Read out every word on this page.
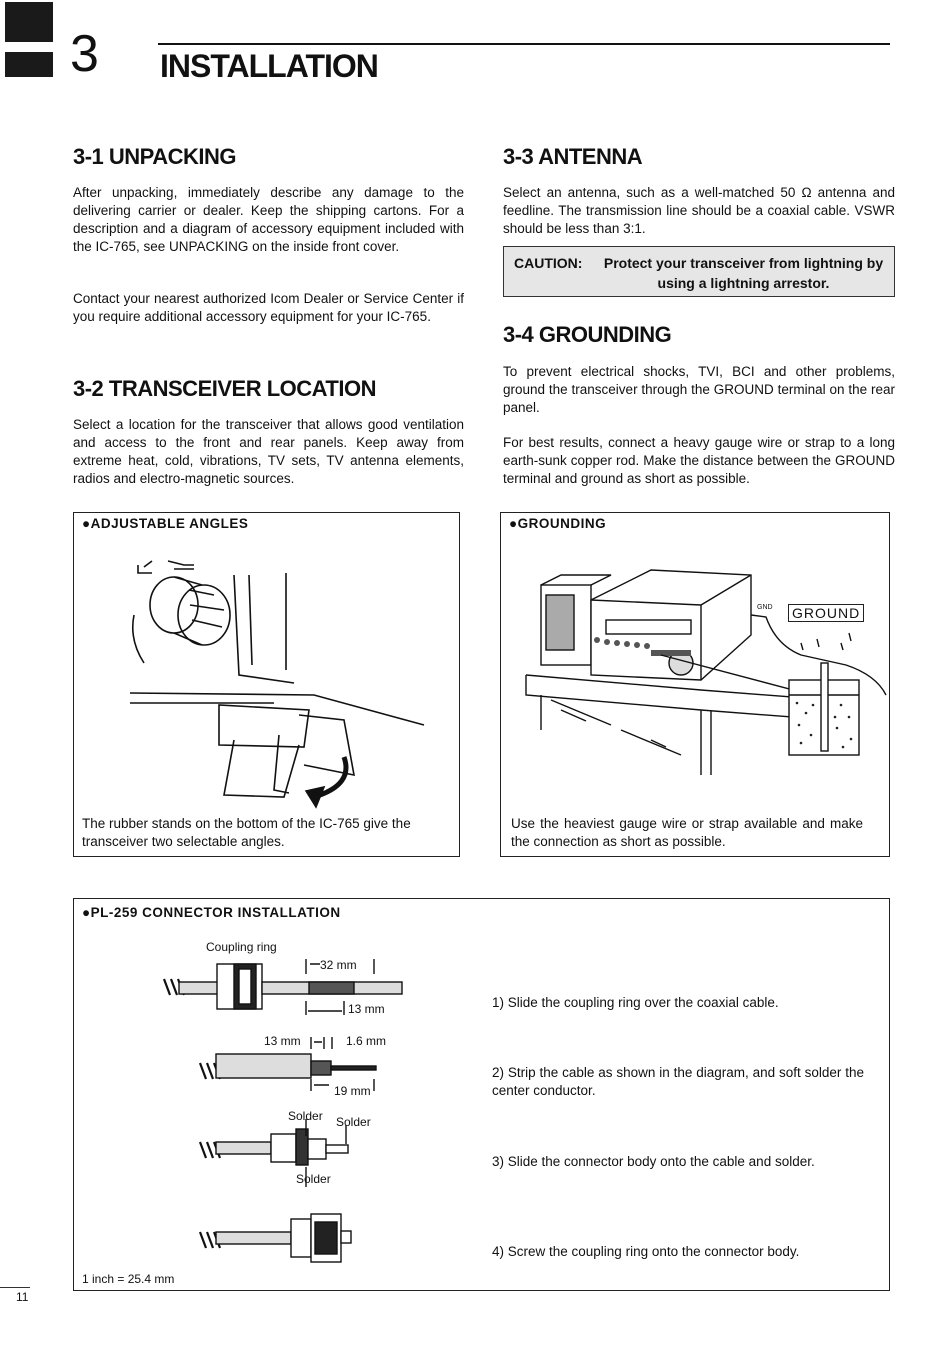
3 INSTALLATION
3-1 UNPACKING
After unpacking, immediately describe any damage to the delivering carrier or dealer. Keep the shipping cartons. For a description and a diagram of accessory equipment included with the IC-765, see UNPACKING on the inside front cover.
Contact your nearest authorized Icom Dealer or Service Center if you require additional accessory equipment for your IC-765.
3-2 TRANSCEIVER LOCATION
Select a location for the transceiver that allows good ventilation and access to the front and rear panels. Keep away from extreme heat, cold, vibrations, TV sets, TV antenna elements, radios and electro-magnetic sources.
3-3 ANTENNA
Select an antenna, such as a well-matched 50 Ω antenna and feedline. The transmission line should be a coaxial cable. VSWR should be less than 3:1.
CAUTION: Protect your transceiver from lightning by using a lightning arrestor.
3-4 GROUNDING
To prevent electrical shocks, TVI, BCI and other problems, ground the transceiver through the GROUND terminal on the rear panel.
For best results, connect a heavy gauge wire or strap to a long earth-sunk copper rod. Make the distance between the GROUND terminal and ground as short as possible.
●ADJUSTABLE ANGLES
The rubber stands on the bottom of the IC-765 give the transceiver two selectable angles.
●GROUNDING
GND GROUND
Use the heaviest gauge wire or strap available and make the connection as short as possible.
●PL-259 CONNECTOR INSTALLATION
Coupling ring
32 mm
13 mm
13 mm	1.6 mm
19 mm
Solder Solder
Solder
1 inch = 25.4 mm
1) Slide the coupling ring over the coaxial cable.
2) Strip the cable as shown in the diagram, and soft solder the center conductor.
3) Slide the connector body onto the cable and solder.
4) Screw the coupling ring onto the connector body.
11
